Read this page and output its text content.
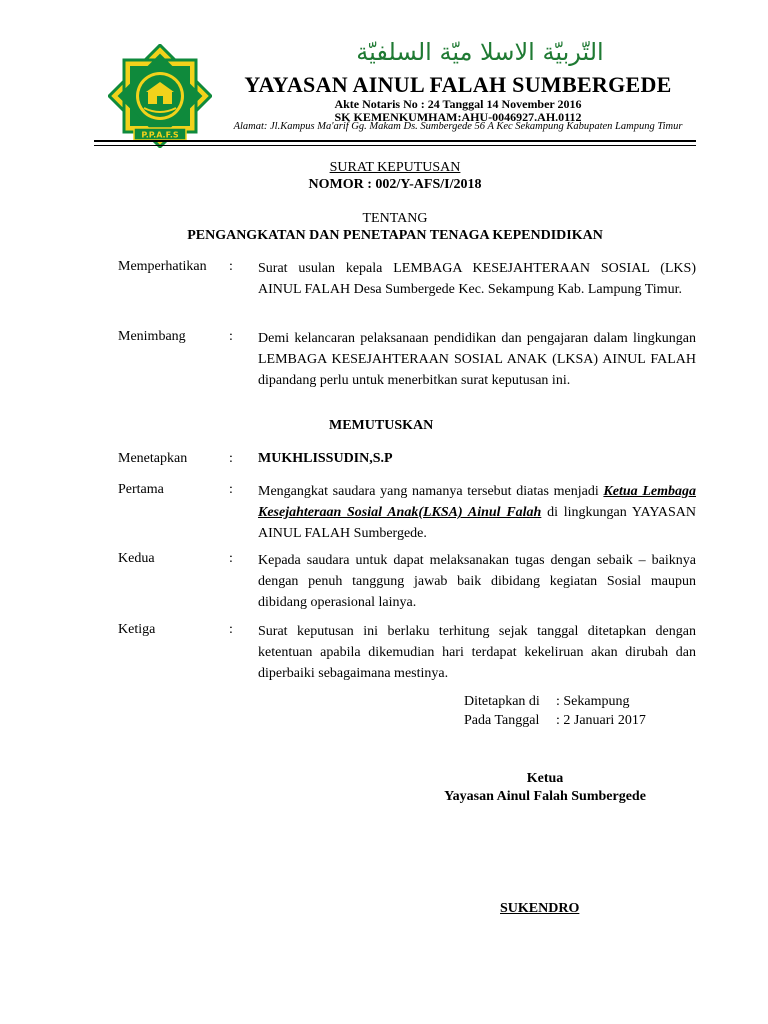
التّربيّة الاسلا ميّة السلفيّة
P.P.A.F.S
YAYASAN AINUL FALAH SUMBERGEDE
Akte Notaris No : 24 Tanggal 14 November 2016
SK KEMENKUMHAM:AHU-0046927.AH.0112
Alamat: Jl.Kampus Ma'arif Gg. Makam Ds. Sumbergede 56 A Kec Sekampung Kabupaten Lampung Timur
SURAT KEPUTUSAN
NOMOR : 002/Y-AFS/I/2018
TENTANG
PENGANGKATAN DAN PENETAPAN TENAGA KEPENDIDIKAN
Memperhatikan : Surat usulan kepala LEMBAGA KESEJAHTERAAN SOSIAL (LKS) AINUL FALAH Desa Sumbergede Kec. Sekampung Kab. Lampung Timur.
Menimbang	: Demi kelancaran pelaksanaan pendidikan dan pengajaran dalam lingkungan LEMBAGA KESEJAHTERAAN SOSIAL ANAK (LKSA) AINUL FALAH dipandang perlu untuk menerbitkan surat keputusan ini.
MEMUTUSKAN
Menetapkan	: MUKHLISSUDIN,S.P
Pertama	: Mengangkat saudara yang namanya tersebut diatas menjadi Ketua Lembaga Kesejahteraan Sosial Anak(LKSA) Ainul Falah di lingkungan YAYASAN AINUL FALAH Sumbergede.
Kedua	: Kepada saudara untuk dapat melaksanakan tugas dengan sebaik – baiknya dengan penuh tanggung jawab baik dibidang kegiatan Sosial maupun dibidang operasional lainya.
Ketiga	: Surat keputusan ini berlaku terhitung sejak tanggal ditetapkan dengan ketentuan apabila dikemudian hari terdapat kekeliruan akan dirubah dan diperbaiki sebagaimana mestinya.
Ditetapkan di : Sekampung
Pada Tanggal : 2 Januari 2017
Ketua
Yayasan Ainul Falah Sumbergede
SUKENDRO
